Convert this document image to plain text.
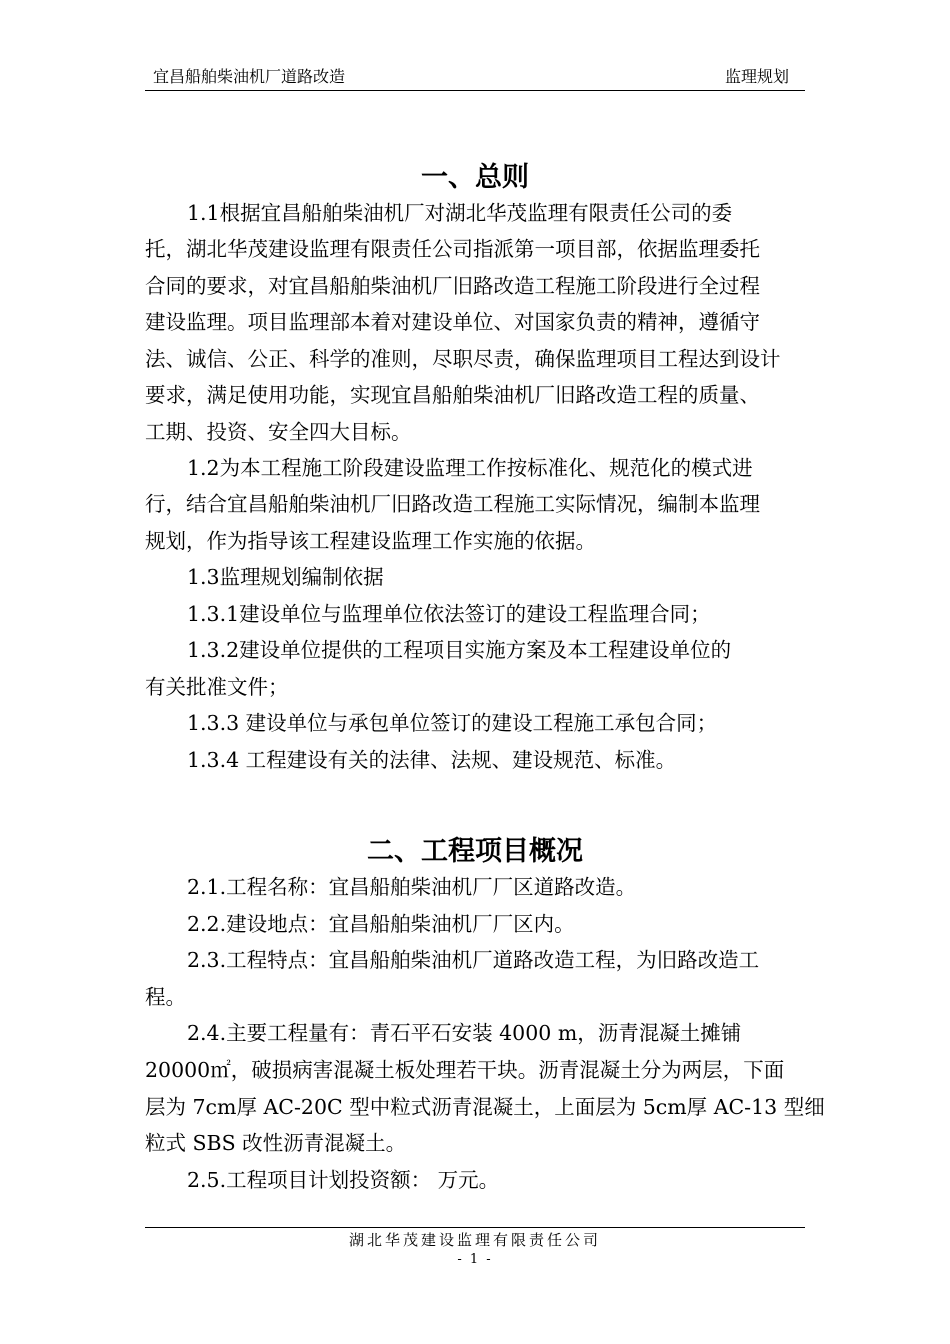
宜昌船舶柴油机厂道路改造	监理规划
一、总则
1.1根据宜昌船舶柴油机厂对湖北华茂监理有限责任公司的委
托，湖北华茂建设监理有限责任公司指派第一项目部，依据监理委托
合同的要求，对宜昌船舶柴油机厂旧路改造工程施工阶段进行全过程
建设监理。项目监理部本着对建设单位、对国家负责的精神，遵循守
法、诚信、公正、科学的准则，尽职尽责，确保监理项目工程达到设计
要求，满足使用功能，实现宜昌船舶柴油机厂旧路改造工程的质量、
工期、投资、安全四大目标。
1.2为本工程施工阶段建设监理工作按标准化、规范化的模式进
行，结合宜昌船舶柴油机厂旧路改造工程施工实际情况，编制本监理
规划，作为指导该工程建设监理工作实施的依据。
1.3监理规划编制依据
1.3.1建设单位与监理单位依法签订的建设工程监理合同；
1.3.2建设单位提供的工程项目实施方案及本工程建设单位的
有关批准文件；
1.3.3 建设单位与承包单位签订的建设工程施工承包合同；
1.3.4 工程建设有关的法律、法规、建设规范、标准。
二、工程项目概况
2.1.工程名称：宜昌船舶柴油机厂厂区道路改造。
2.2.建设地点：宜昌船舶柴油机厂厂区内。
2.3.工程特点：宜昌船舶柴油机厂道路改造工程，为旧路改造工
程。
2.4.主要工程量有：青石平石安装 4000 m，沥青混凝土摊铺
20000㎡，破损病害混凝土板处理若干块。沥青混凝土分为两层，下面
层为 7cm厚 AC-20C 型中粒式沥青混凝土，上面层为 5cm厚 AC-13 型细
粒式 SBS 改性沥青混凝土。
2.5.工程项目计划投资额： 万元。
湖北华茂建设监理有限责任公司
- 1 -
